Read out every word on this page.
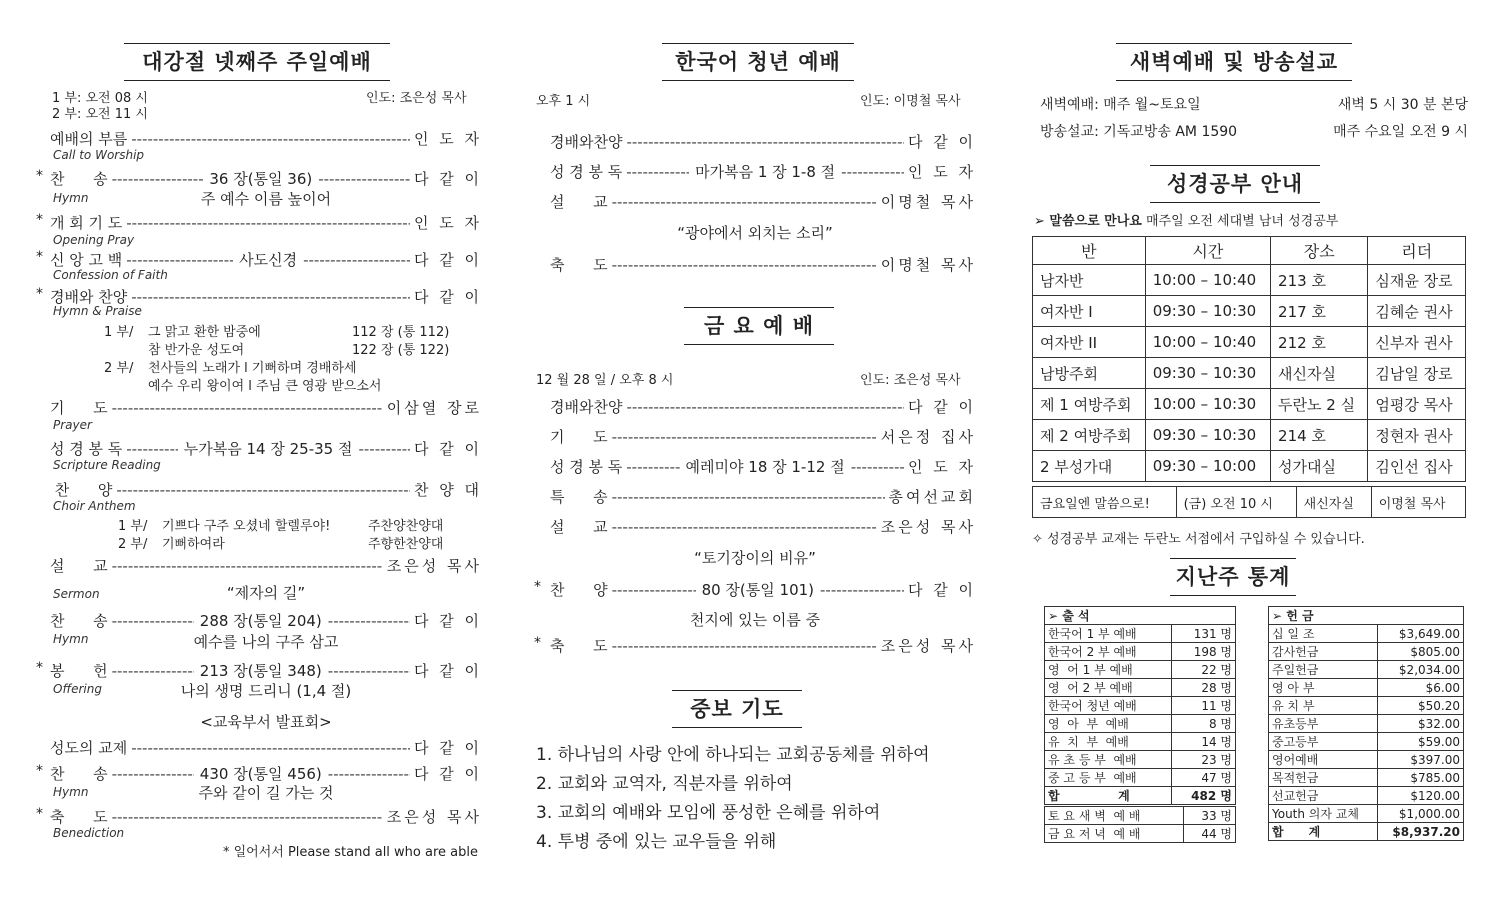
대강절 넷째주 주일예배
1 부: 오전 08 시
2 부: 오전 11 시
인도: 조은성 목사
예배의 부름 -----	인 도 자
Call to Worship
* 찬      송 -----	36 장(통일 36) -----	다 같 이
Hymn	주 예수 이름 높이어
* 개 회 기 도 -----	인 도 자
Opening Pray
* 신 앙 고 백 -----	사도신경 -----	다 같 이
Confession of Faith
* 경배와 찬양 -----	다 같 이
Hymn & Praise
기      도 -----	이삼열 장로
Prayer
성 경 봉 독 -----	누가복음 14 장 25-35 절 -----	다 같 이
Scripture Reading
찬      양 -----	찬 양 대
Choir Anthem
설      교 -----	조은성 목사
Sermon	“제자의 길”
찬      송 -----	288 장(통일 204) -----	다 같 이
Hymn	예수를 나의 구주 삼고
* 봉      헌 -----	213 장(통일 348) -----	다 같 이
Offering	나의 생명 드리니 (1,4 절)
성도의 교제 -----	다 같 이
* 찬      송 -----	430 장(통일 456) -----	다 같 이
Hymn	주와 같이 길 가는 것
* 축      도 -----	조은성 목사
Benediction
1 부/ 그 맑고 환한 밤중에	112 장 (통 112)
참 반가운 성도여	122 장 (통 122)
2 부/ 천사들의 노래가 l 기뻐하며 경배하세
예수 우리 왕이여 l 주님 큰 영광 받으소서
1 부/ 기쁘다 구주 오셨네 할렐루야!	주찬양찬양대
2 부/ 기뻐하여라	주향한찬양대
<교육부서 발표회>
* 일어서서 Please stand all who are able
한국어 청년 예배
오후 1 시	인도: 이명철 목사
경배와찬양 -----	다 같 이
성 경 봉 독 -----	마가복음 1 장 1-8 절 -----	인 도 자
설      교 -----	이명철 목사
축      도 -----	이명철 목사
“광야에서 외치는 소리”
금 요 예 배
12 월 28 일 / 오후 8 시	인도: 조은성 목사
경배와찬양 -----	다 같 이
기      도 -----	서은정 집사
성 경 봉 독 -----	예레미야 18 장 1-12 절 -----	인 도 자
특      송 -----	총여선교회
설      교 -----	조은성 목사
* 찬      양 -----	80 장(통일 101) -----	다 같 이
* 축      도 -----	조은성 목사
“토기장이의 비유”
천지에 있는 이름 중
중보 기도
1. 하나님의 사랑 안에 하나되는 교회공동체를 위하여
2. 교회와 교역자, 직분자를 위하여
3. 교회의 예배와 모임에 풍성한 은혜를 위하여
4. 투병 중에 있는 교우들을 위해
새벽예배 및 방송설교
새벽예배: 매주 월~토요일	새벽 5 시 30 분 본당
방송설교: 기독교방송 AM 1590	매주 수요일 오전 9 시
성경공부 안내
➢ 말씀으로 만나요 매주일 오전 세대별 남녀 성경공부
반	시간	장소	리더
남자반	10:00 – 10:40	213 호	심재윤 장로
여자반 I	09:30 – 10:30	217 호	김혜순 권사
여자반 II	10:00 – 10:40	212 호	신부자 권사
남방주회	09:30 – 10:30	새신자실	김남일 장로
제 1 여방주회	10:00 – 10:30	두란노 2 실	엄평강 목사
제 2 여방주회	09:30 – 10:30	214 호	정현자 권사
2 부성가대	09:30 – 10:00	성가대실	김인선 집사
금요일엔 말씀으로!	(금) 오전 10 시	새신자실	이명철 목사
✧ 성경공부 교재는 두란노 서점에서 구입하실 수 있습니다.
지난주 통계
➢ 출 석	
한국어 1 부 예배	131 명
한국어 2 부 예배	198 명
영  어 1 부 예배	22 명
영  어 2 부 예배	28 명
한국어 청년 예배	11 명
영  아  부  예배	8 명
유  치  부  예배	14 명
유 초 등 부  예배	23 명
중 고 등 부  예배	47 명
합              계	482 명
토 요 새 벽  예 배	33 명
금 요 저 녁  예 배	44 명
➢ 헌 금	
십 일 조	$3,649.00
감사헌금	$805.00
주일헌금	$2,034.00
영 아 부	$6.00
유 치 부	$50.20
유초등부	$32.00
중고등부	$59.00
영어예배	$397.00
목적헌금	$785.00
선교헌금	$120.00
Youth 의자 교체	$1,000.00
합      계	$8,937.20
